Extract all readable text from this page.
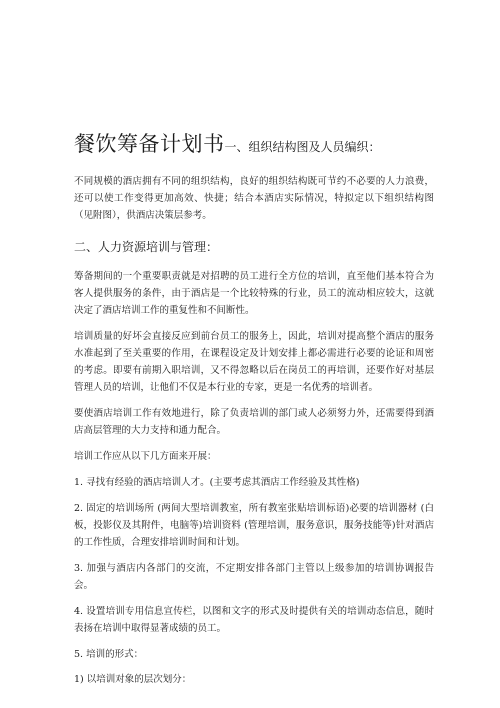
餐饮筹备计划书一、组织结构图及人员编织：

不同规模的酒店拥有不同的组织结构，良好的组织结构既可节约不必要的人力浪费，还可以使工作变得更加高效、快捷；结合本酒店实际情况，特拟定以下组织结构图（见附图），供酒店决策层参考。

二、人力资源培训与管理：

筹备期间的一个重要职责就是对招聘的员工进行全方位的培训，直至他们基本符合为客人提供服务的条件，由于酒店是一个比较特殊的行业，员工的流动相应较大，这就决定了酒店培训工作的重复性和不间断性。

培训质量的好坏会直接反应到前台员工的服务上，因此，培训对提高整个酒店的服务水准起到了至关重要的作用，在课程设定及计划安排上都必需进行必要的论证和周密的考虑。即要有前期入职培训，又不得忽略以后在岗员工的再培训，还要作好对基层管理人员的培训，让他们不仅是本行业的专家，更是一名优秀的培训者。

要使酒店培训工作有效地进行，除了负责培训的部门或人必须努力外，还需要得到酒店高层管理的大力支持和通力配合。

培训工作应从以下几方面来开展：

1. 寻找有经验的酒店培训人才。(主要考虑其酒店工作经验及其性格)

2. 固定的培训场所 (两间大型培训教室，所有教室张贴培训标语)必要的培训器材 (白板，投影仪及其附件，电脑等)培训资料 (管理培训，服务意识，服务技能等)针对酒店的工作性质，合理安排培训时间和计划。

3. 加强与酒店内各部门的交流，不定期安排各部门主管以上级参加的培训协调报告会。

4. 设置培训专用信息宣传栏，以图和文字的形式及时提供有关的培训动态信息，随时表扬在培训中取得显著成绩的员工。

5. 培训的形式：

1) 以培训对象的层次划分：
